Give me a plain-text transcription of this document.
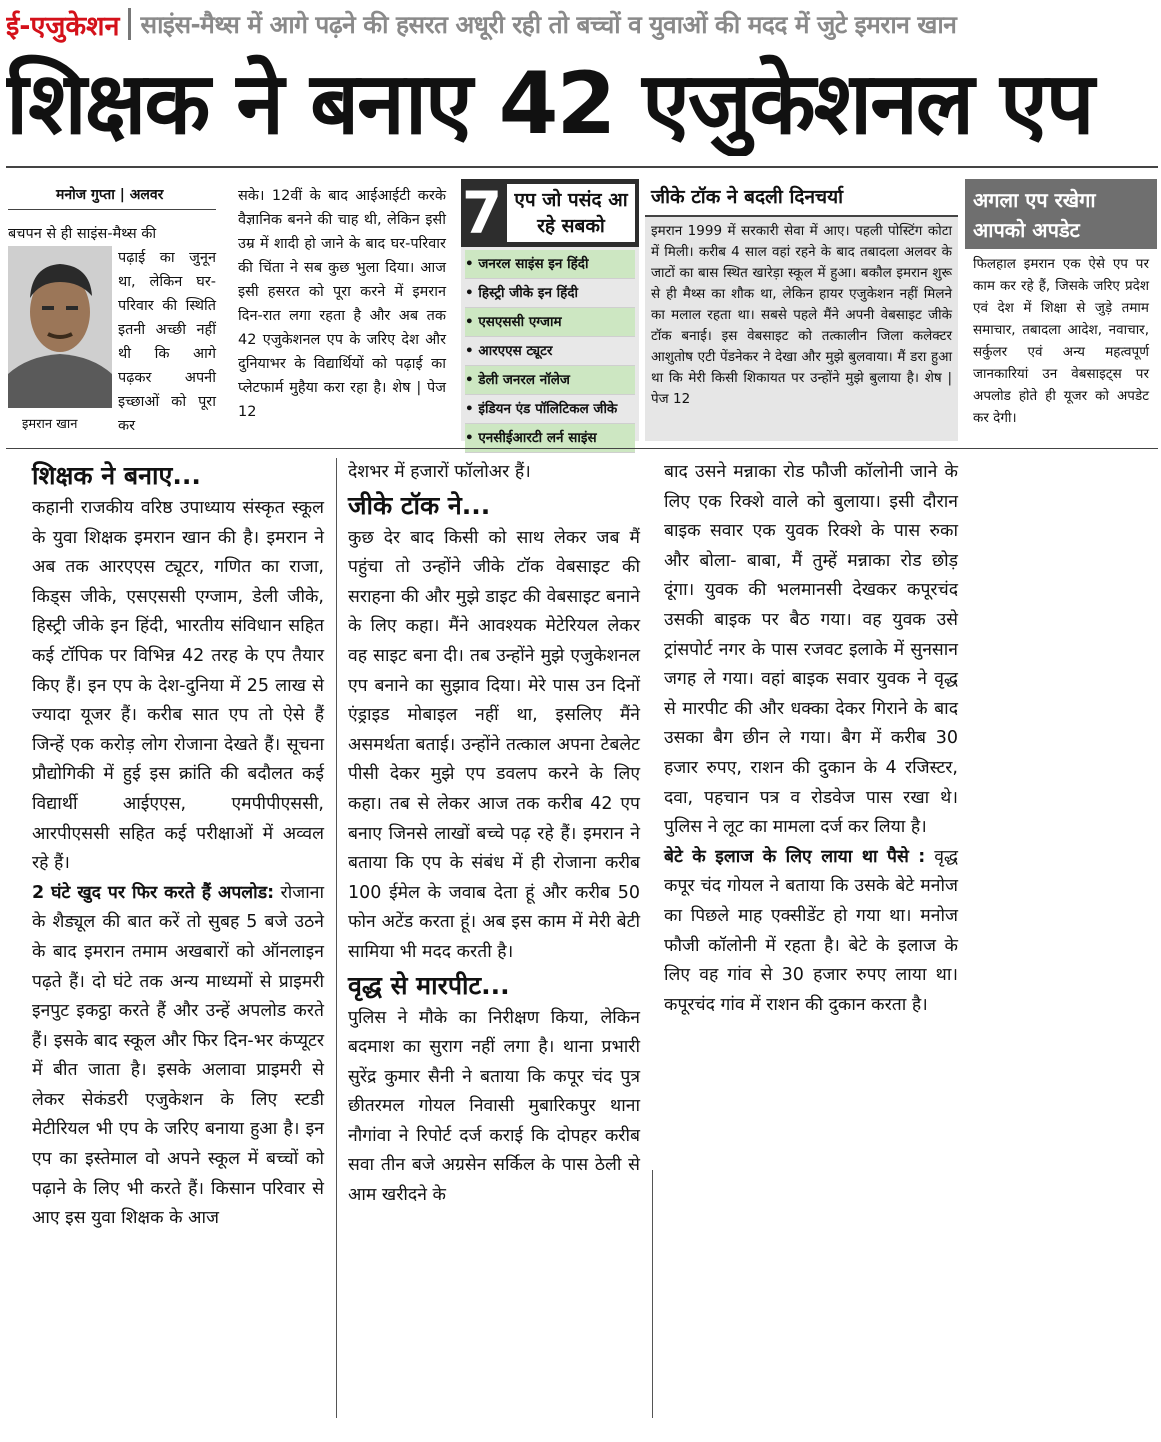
ई-एजुकेशन साइंस-मैथ्स में आगे पढ़ने की हसरत अधूरी रही तो बच्चों व युवाओं की मदद में जुटे इमरान खान
शिक्षक ने बनाए 42 एजुकेशनल एप
मनोज गुप्ता | अलवर
बचपन से ही साइंस-मैथ्स की
पढ़ाई का जुनून था, लेकिन घर-परिवार की स्थिति इतनी अच्छी नहीं थी कि आगे पढ़कर अपनी इच्छाओं को पूरा कर
इमरान खान
सके। 12वीं के बाद आईआईटी करके वैज्ञानिक बनने की चाह थी, लेकिन इसी उम्र में शादी हो जाने के बाद घर-परिवार की चिंता ने सब कुछ भुला दिया। आज इसी हसरत को पूरा करने में इमरान दिन-रात लगा रहता है और अब तक 42 एजुकेशनल एप के जरिए देश और दुनियाभर के विद्यार्थियों को पढ़ाई का प्लेटफार्म मुहैया करा रहा है। शेष | पेज 12
7 एप जो पसंद आ रहे सबको
• जनरल साइंस इन हिंदी
• हिस्ट्री जीके इन हिंदी
• एसएससी एग्जाम
• आरएएस ट्यूटर
• डेली जनरल नॉलेज
• इंडियन एंड पॉलिटिकल जीके
• एनसीईआरटी लर्न साइंस
जीके टॉक ने बदली दिनचर्या
इमरान 1999 में सरकारी सेवा में आए। पहली पोस्टिंग कोटा में मिली। करीब 4 साल वहां रहने के बाद तबादला अलवर के जाटों का बास स्थित खारेड़ा स्कूल में हुआ। बकौल इमरान शुरू से ही मैथ्स का शौक था, लेकिन हायर एजुकेशन नहीं मिलने का मलाल रहता था। सबसे पहले मैंने अपनी वेबसाइट जीके टॉक बनाई। इस वेबसाइट को तत्कालीन जिला कलेक्टर आशुतोष एटी पेंडनेकर ने देखा और मुझे बुलवाया। मैं डरा हुआ था कि मेरी किसी शिकायत पर उन्होंने मुझे बुलाया है। शेष | पेज 12
अगला एप रखेगा आपको अपडेट
फिलहाल इमरान एक ऐसे एप पर काम कर रहे हैं, जिसके जरिए प्रदेश एवं देश में शिक्षा से जुड़े तमाम समाचार, तबादला आदेश, नवाचार, सर्कुलर एवं अन्य महत्वपूर्ण जानकारियां उन वेबसाइट्स पर अपलोड होते ही यूजर को अपडेट कर देगी।
शिक्षक ने बनाए...

कहानी राजकीय वरिष्ठ उपाध्याय संस्कृत स्कूल के युवा शिक्षक इमरान खान की है। इमरान ने अब तक आरएएस ट्यूटर, गणित का राजा, किड्स जीके, एसएससी एग्जाम, डेली जीके, हिस्ट्री जीके इन हिंदी, भारतीय संविधान सहित कई टॉपिक पर विभिन्न 42 तरह के एप तैयार किए हैं। इन एप के देश-दुनिया में 25 लाख से ज्यादा यूजर हैं। करीब सात एप तो ऐसे हैं जिन्हें एक करोड़ लोग रोजाना देखते हैं। सूचना प्रौद्योगिकी में हुई इस क्रांति की बदौलत कई विद्यार्थी आईएएस, एमपीपीएससी, आरपीएससी सहित कई परीक्षाओं में अव्वल रहे हैं।

2 घंटे खुद पर फिर करते हैं अपलोड: रोजाना के शैड्यूल की बात करें तो सुबह 5 बजे उठने के बाद इमरान तमाम अखबारों को ऑनलाइन पढ़ते हैं। दो घंटे तक अन्य माध्यमों से प्राइमरी इनपुट इकट्ठा करते हैं और उन्हें अपलोड करते हैं। इसके बाद स्कूल और फिर दिन-भर कंप्यूटर में बीत जाता है। इसके अलावा प्राइमरी से लेकर सेकंडरी एजुकेशन के लिए स्टडी मेटीरियल भी एप के जरिए बनाया हुआ है। इन एप का इस्तेमाल वो अपने स्कूल में बच्चों को पढ़ाने के लिए भी करते हैं। किसान परिवार से आए इस युवा शिक्षक के आज

देशभर में हजारों फॉलोअर हैं।

जीके टॉक ने...

कुछ देर बाद किसी को साथ लेकर जब मैं पहुंचा तो उन्होंने जीके टॉक वेबसाइट की सराहना की और मुझे डाइट की वेबसाइट बनाने के लिए कहा। मैंने आवश्यक मेटेरियल लेकर वह साइट बना दी। तब उन्होंने मुझे एजुकेशनल एप बनाने का सुझाव दिया। मेरे पास उन दिनों एंड्राइड मोबाइल नहीं था, इसलिए मैंने असमर्थता बताई। उन्होंने तत्काल अपना टेबलेट पीसी देकर मुझे एप डवलप करने के लिए कहा। तब से लेकर आज तक करीब 42 एप बनाए जिनसे लाखों बच्चे पढ़ रहे हैं। इमरान ने बताया कि एप के संबंध में ही रोजाना करीब 100 ईमेल के जवाब देता हूं और करीब 50 फोन अटेंड करता हूं। अब इस काम में मेरी बेटी सामिया भी मदद करती है।

वृद्ध से मारपीट...

पुलिस ने मौके का निरीक्षण किया, लेकिन बदमाश का सुराग नहीं लगा है। थाना प्रभारी सुरेंद्र कुमार सैनी ने बताया कि कपूर चंद पुत्र छीतरमल गोयल निवासी मुबारिकपुर थाना नौगांवा ने रिपोर्ट दर्ज कराई कि दोपहर करीब सवा तीन बजे अग्रसेन सर्किल के पास ठेली से आम खरीदने के

बाद उसने मन्नाका रोड फौजी कॉलोनी जाने के लिए एक रिक्शे वाले को बुलाया। इसी दौरान बाइक सवार एक युवक रिक्शे के पास रुका और बोला- बाबा, मैं तुम्हें मन्नाका रोड छोड़ दूंगा। युवक की भलमानसी देखकर कपूरचंद उसकी बाइक पर बैठ गया। वह युवक उसे ट्रांसपोर्ट नगर के पास रजवट इलाके में सुनसान जगह ले गया। वहां बाइक सवार युवक ने वृद्ध से मारपीट की और धक्का देकर गिराने के बाद उसका बैग छीन ले गया। बैग में करीब 30 हजार रुपए, राशन की दुकान के 4 रजिस्टर, दवा, पहचान पत्र व रोडवेज पास रखा थे। पुलिस ने लूट का मामला दर्ज कर लिया है।

बेटे के इलाज के लिए लाया था पैसे : वृद्ध कपूर चंद गोयल ने बताया कि उसके बेटे मनोज का पिछले माह एक्सीडेंट हो गया था। मनोज फौजी कॉलोनी में रहता है। बेटे के इलाज के लिए वह गांव से 30 हजार रुपए लाया था। कपूरचंद गांव में राशन की दुकान करता है।
